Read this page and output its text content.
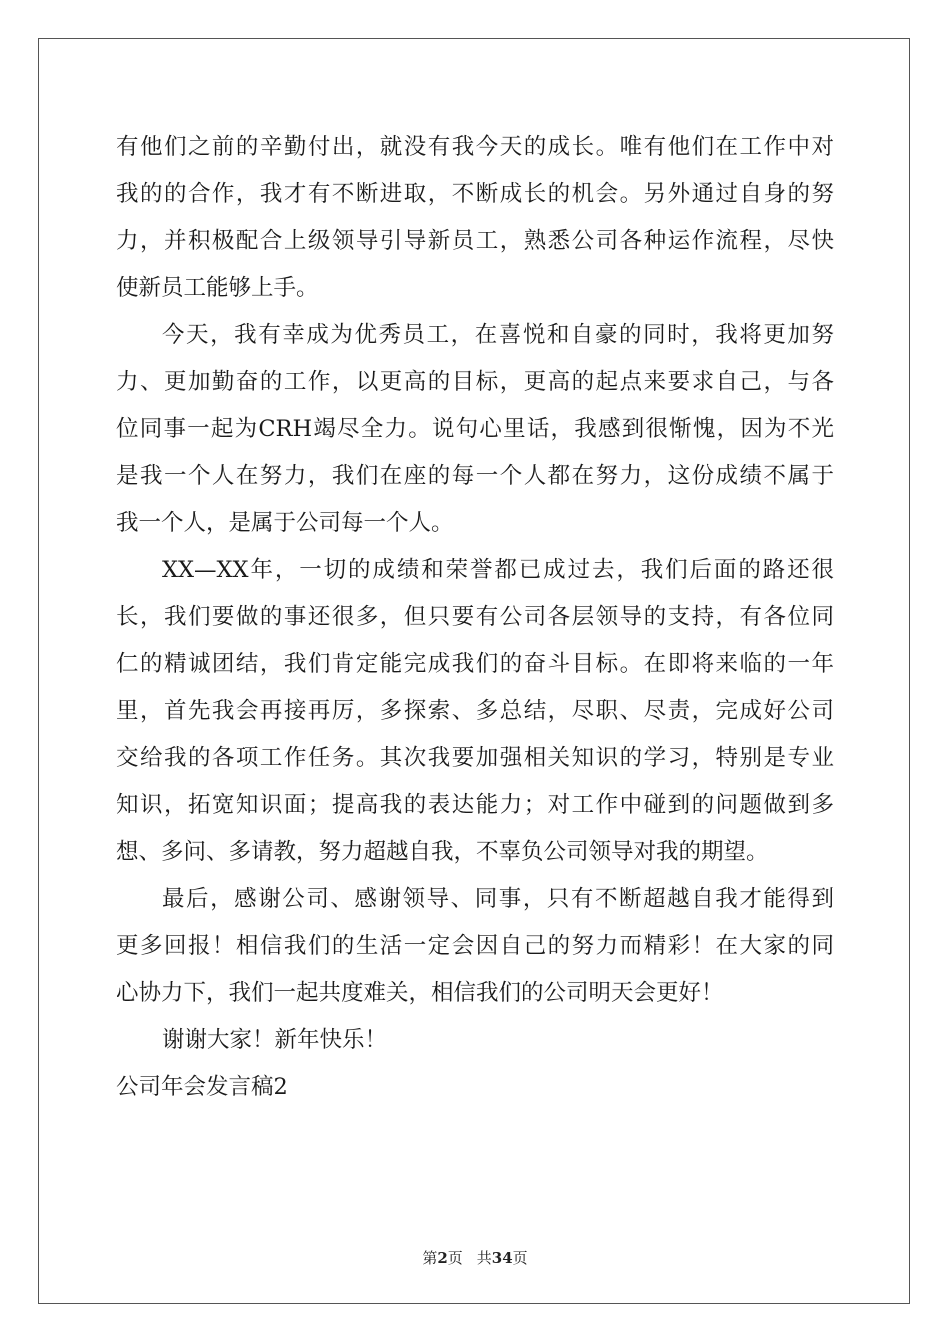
有他们之前的辛勤付出，就没有我今天的成长。唯有他们在工作中对
我的的合作，我才有不断进取，不断成长的机会。另外通过自身的努
力，并积极配合上级领导引导新员工，熟悉公司各种运作流程，尽快
使新员工能够上手。
今天，我有幸成为优秀员工，在喜悦和自豪的同时，我将更加努
力、更加勤奋的工作，以更高的目标，更高的起点来要求自己，与各
位同事一起为CRH竭尽全力。说句心里话，我感到很惭愧，因为不光
是我一个人在努力，我们在座的每一个人都在努力，这份成绩不属于
我一个人，是属于公司每一个人。
XX—XX年，一切的成绩和荣誉都已成过去，我们后面的路还很
长，我们要做的事还很多，但只要有公司各层领导的支持，有各位同
仁的精诚团结，我们肯定能完成我们的奋斗目标。在即将来临的一年
里，首先我会再接再厉，多探索、多总结，尽职、尽责，完成好公司
交给我的各项工作任务。其次我要加强相关知识的学习，特别是专业
知识，拓宽知识面；提高我的表达能力；对工作中碰到的问题做到多
想、多问、多请教，努力超越自我，不辜负公司领导对我的期望。
最后，感谢公司、感谢领导、同事，只有不断超越自我才能得到
更多回报！相信我们的生活一定会因自己的努力而精彩！在大家的同
心协力下，我们一起共度难关，相信我们的公司明天会更好！
谢谢大家！新年快乐！
公司年会发言稿2
第2页 共34页
